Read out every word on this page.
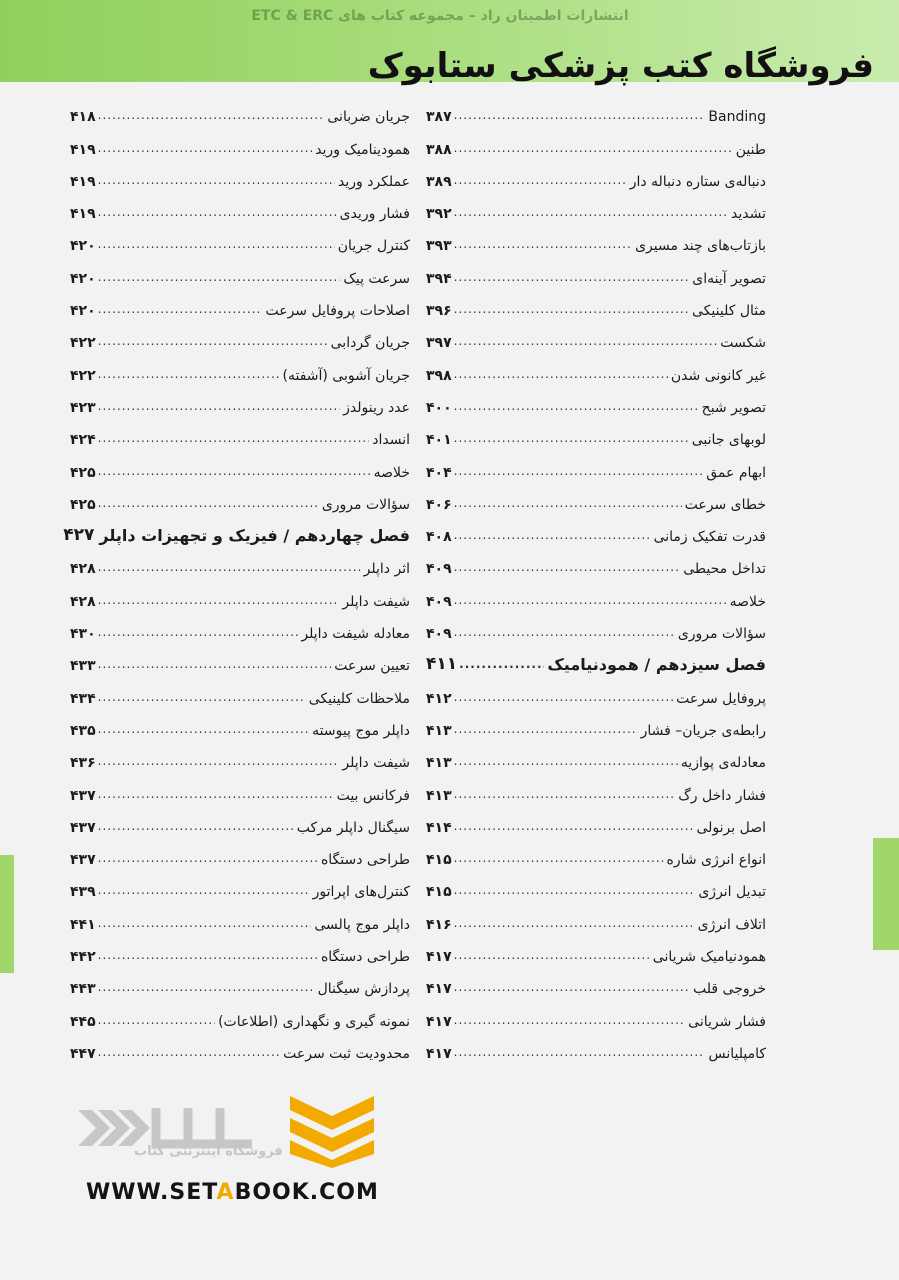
انتشارات اطمینان راد – مجموعه کتاب های ETC & ERC
فروشگاه کتب پزشکی ستابوک
Banding
.....
۳۸۷
طنین
.....
۳۸۸
دنباله‌ی ستاره دنباله دار
.....
۳۸۹
تشدید
.....
۳۹۲
بازتاب‌های چند مسیری
.....
۳۹۳
تصویر آینه‌ای
.....
۳۹۴
مثال کلینیکی
.....
۳۹۶
شکست
.....
۳۹۷
غیر کانونی شدن
.....
۳۹۸
تصویر شبح
.....
۴۰۰
لوبهای جانبی
.....
۴۰۱
ابهام عمق
.....
۴۰۴
خطای سرعت
.....
۴۰۶
قدرت تفکیک زمانی
.....
۴۰۸
تداخل محیطی
.....
۴۰۹
خلاصه
.....
۴۰۹
سؤالات مروری
.....
۴۰۹
فصل سیزدهم / همودنیامیک
.....
۴۱۱
پروفایل سرعت
.....
۴۱۲
رابطه‌ی جریان– فشار
.....
۴۱۳
معادله‌ی پوازیه
.....
۴۱۳
فشار داخل رگ
.....
۴۱۳
اصل برنولی
.....
۴۱۴
انواع انرژی شاره
.....
۴۱۵
تبدیل انرژی
.....
۴۱۵
اتلاف انرژی
.....
۴۱۶
همودنیامیک شریانی
.....
۴۱۷
خروجی قلب
.....
۴۱۷
فشار شریانی
.....
۴۱۷
کامپلیانس
.....
۴۱۷
جریان ضربانی
.....
۴۱۸
همودینامیک ورید
.....
۴۱۹
عملکرد ورید
.....
۴۱۹
فشار وریدی
.....
۴۱۹
کنترل جریان
.....
۴۲۰
سرعت پیک
.....
۴۲۰
اصلاحات پروفایل سرعت
.....
۴۲۰
جریان گردابی
.....
۴۲۲
جریان آشوبی (آشفته)
.....
۴۲۲
عدد رینولدز
.....
۴۲۳
انسداد
.....
۴۲۴
خلاصه
.....
۴۲۵
سؤالات مروری
.....
۴۲۵
فصل چهاردهم / فیزیک و تجهیزات داپلر
۴۲۷
اثر داپلر
.....
۴۲۸
شیفت داپلر
.....
۴۲۸
معادله شیفت داپلر
.....
۴۳۰
تعیین سرعت
.....
۴۳۳
ملاحظات کلینیکی
.....
۴۳۴
داپلر موج پیوسته
.....
۴۳۵
شیفت داپلر
.....
۴۳۶
فرکانس بیت
.....
۴۳۷
سیگنال داپلر مرکب
.....
۴۳۷
طراحی دستگاه
.....
۴۳۷
کنترل‌های اپراتور
.....
۴۳۹
داپلر موج پالسی
.....
۴۴۱
طراحی دستگاه
.....
۴۴۲
پردازش سیگنال
.....
۴۴۳
نمونه گیری و نگهداری (اطلاعات)
.....
۴۴۵
محدودیت ثبت سرعت
.....
۴۴۷
فروشگاه اینترنتی کتاب
WWW.SETABOOK.COM
